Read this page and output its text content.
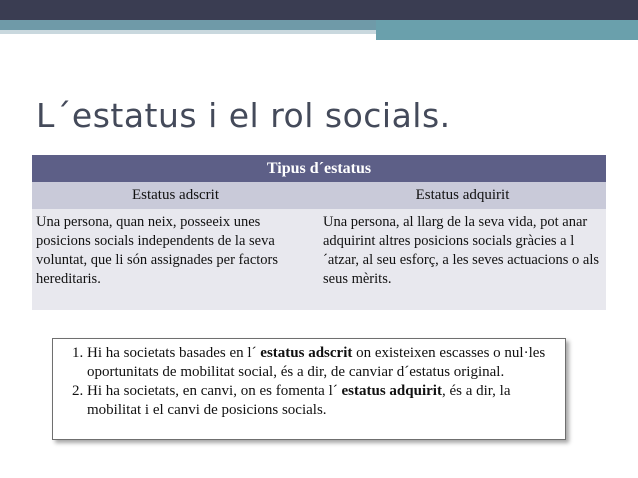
L´estatus i el rol socials.
Tipus d´estatus
Estatus adscrit	Estatus adquirit
Una persona, quan neix, posseeix unes posicions socials independents de la seva voluntat, que li són assignades per factors hereditaris.
Una persona, al llarg de la seva vida, pot anar adquirint altres posicions socials gràcies a l´atzar, al seu esforç, a les seves actuacions o als seus mèrits.
1. Hi ha societats basades en l´ estatus adscrit on existeixen escasses o nul·les oportunitats de mobilitat social, és a dir, de canviar d´estatus original.
2. Hi ha societats, en canvi, on es fomenta l´ estatus adquirit, és a dir, la mobilitat i el canvi de posicions socials.
